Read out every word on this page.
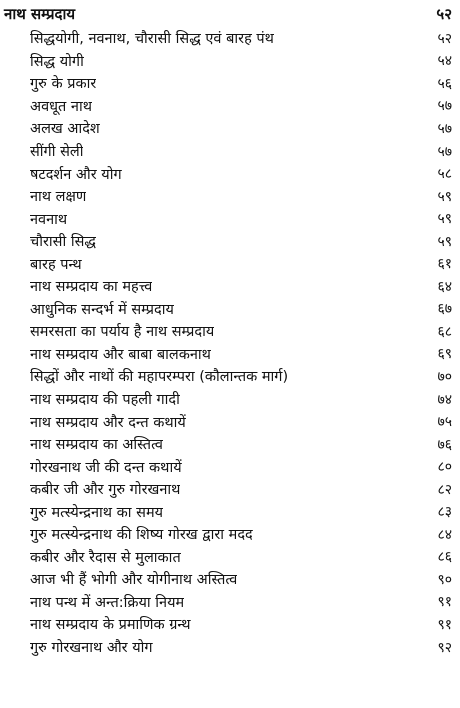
नाथ सम्प्रदाय	५२
सिद्धयोगी, नवनाथ, चौरासी सिद्ध एवं बारह पंथ	५२
सिद्ध योगी	५४
गुरु के प्रकार	५६
अवधूत नाथ	५७
अलख आदेश	५७
सींगी सेली	५७
षटदर्शन और योग	५८
नाथ लक्षण	५९
नवनाथ	५९
चौरासी सिद्ध	५९
बारह पन्थ	६१
नाथ सम्प्रदाय का महत्त्व	६४
आधुनिक सन्दर्भ में सम्प्रदाय	६७
समरसता का पर्याय है नाथ सम्प्रदाय	६८
नाथ सम्प्रदाय और बाबा बालकनाथ	६९
सिद्धों और नाथों की महापरम्परा (कौलान्तक मार्ग)	७०
नाथ सम्प्रदाय की पहली गादी	७४
नाथ सम्प्रदाय और दन्त कथायें	७५
नाथ सम्प्रदाय का अस्तित्व	७६
गोरखनाथ जी की दन्त कथायें	८०
कबीर जी और गुरु गोरखनाथ	८२
गुरु मत्स्येन्द्रनाथ का समय	८३
गुरु मत्स्येन्द्रनाथ की शिष्य गोरख द्वारा मदद	८४
कबीर और रैदास से मुलाकात	८६
आज भी हैं भोगी और योगीनाथ अस्तित्व	९०
नाथ पन्थ में अन्त:क्रिया नियम	९१
नाथ सम्प्रदाय के प्रमाणिक ग्रन्थ	९१
गुरु गोरखनाथ और योग	९२
